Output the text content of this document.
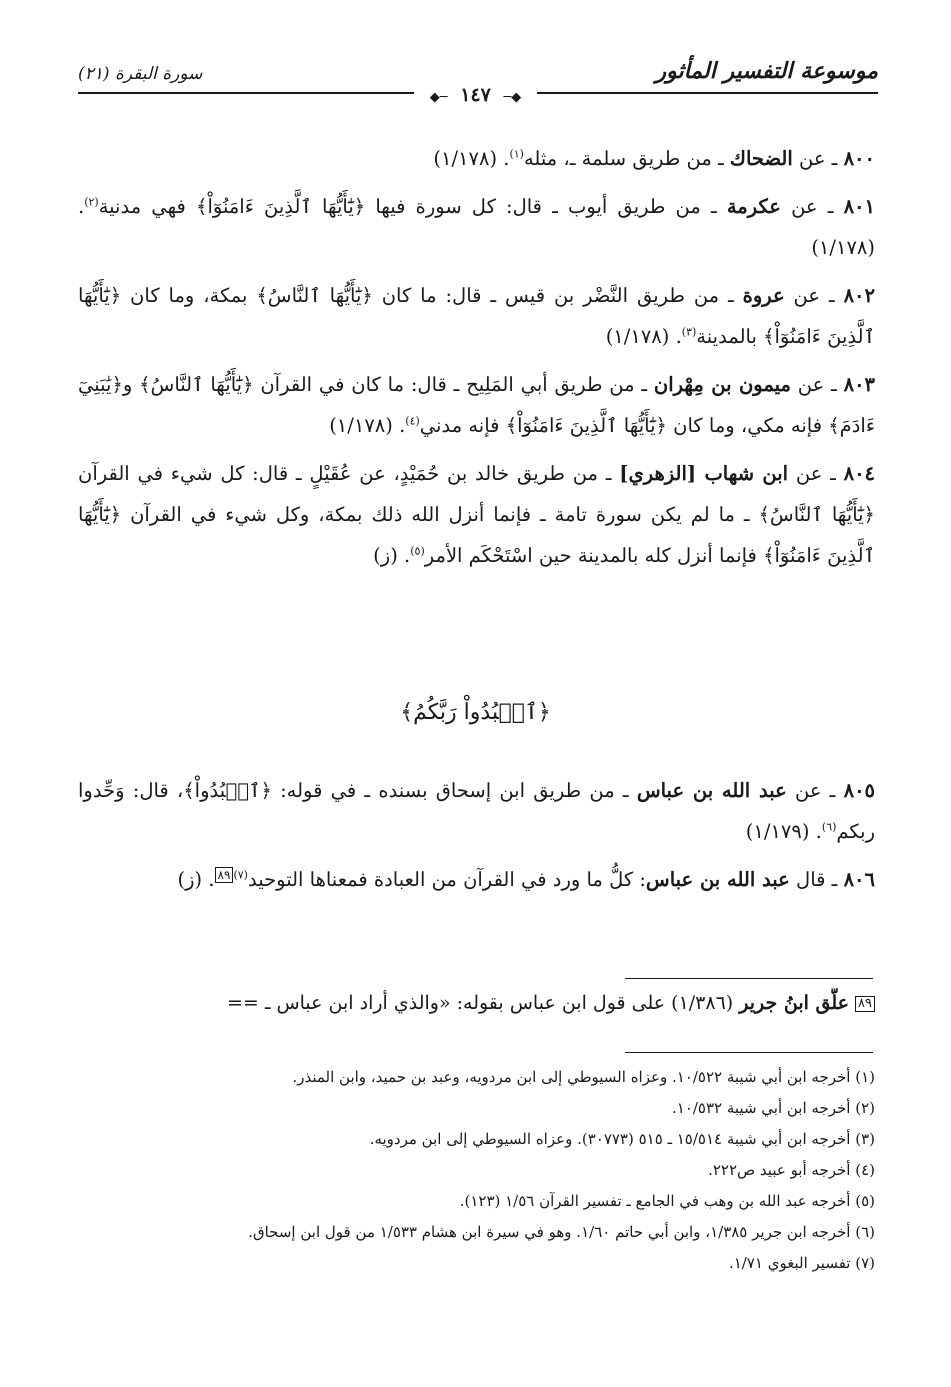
موسوعة التفسير المأثور
سورة البقرة (٢١)
◆─ ١٤٧ ─◆

٨٠٠ ـ عن الضحاك ـ من طريق سلمة ـ، مثله$^{(١)}$. (١/١٧٨)

٨٠١ ـ عن عكرمة ـ من طريق أيوب ـ قال: كل سورة فيها ﴿يَٰٓأَيُّهَا ٱلَّذِينَ ءَامَنُوٓاْ﴾ فهي مدنية$^{(٢)}$. (١/١٧٨)

٨٠٢ ـ عن عروة ـ من طريق النَّضْر بن قيس ـ قال: ما كان ﴿يَٰٓأَيُّهَا ٱلنَّاسُ﴾ بمكة، وما كان ﴿يَٰٓأَيُّهَا ٱلَّذِينَ ءَامَنُوٓاْ﴾ بالمدينة$^{(٣)}$. (١/١٧٨)

٨٠٣ ـ عن ميمون بن مِهْران ـ من طريق أبي المَلِيح ـ قال: ما كان في القرآن ﴿يَٰٓأَيُّهَا ٱلنَّاسُ﴾ و﴿يَٰبَنِيٓ ءَادَمَ﴾ فإنه مكي، وما كان ﴿يَٰٓأَيُّهَا ٱلَّذِينَ ءَامَنُوٓاْ﴾ فإنه مدني$^{(٤)}$. (١/١٧٨)

٨٠٤ ـ عن ابن شهاب [الزهري] ـ من طريق خالد بن حُمَيْدٍ، عن عُقَيْلٍ ـ قال: كل شيء في القرآن ﴿يَٰٓأَيُّهَا ٱلنَّاسُ﴾ ـ ما لم يكن سورة تامة ـ فإنما أنزل الله ذلك بمكة، وكل شيء في القرآن ﴿يَٰٓأَيُّهَا ٱلَّذِينَ ءَامَنُوٓاْ﴾ فإنما أنزل كله بالمدينة حين اسْتَحْكَم الأمر$^{(٥)}$. (ز)

﴿ٱعۡبُدُواْ رَبَّكُمُ﴾

٨٠٥ ـ عن عبد الله بن عباس ـ من طريق ابن إسحاق بسنده ـ في قوله: ﴿ٱعۡبُدُواْ﴾، قال: وَحِّدوا ربكم$^{(٦)}$. (١/١٧٩)

٨٠٦ ـ قال عبد الله بن عباس: كلُّ ما ورد في القرآن من العبادة فمعناها التوحيد$^{(٧)}$٨٩. (ز)

٨٩ علَّق ابنُ جرير (١/٣٨٦) على قول ابن عباس بقوله: «والذي أراد ابن عباس ـ ==

(١) أخرجه ابن أبي شيبة ١٠/٥٢٢. وعزاه السيوطي إلى ابن مردويه، وعبد بن حميد، وابن المنذر.

(٢) أخرجه ابن أبي شيبة ١٠/٥٣٢.

(٣) أخرجه ابن أبي شيبة ١٥/٥١٤ ـ ٥١٥ (٣٠٧٧٣). وعزاه السيوطي إلى ابن مردويه.

(٤) أخرجه أبو عبيد ص٢٢٢.

(٥) أخرجه عبد الله بن وهب في الجامع ـ تفسير القرآن ١/٥٦ (١٢٣).

(٦) أخرجه ابن جرير ١/٣٨٥، وابن أبي حاتم ١/٦٠. وهو في سيرة ابن هشام ١/٥٣٣ من قول ابن إسحاق.

(٧) تفسير البغوي ١/٧١.
